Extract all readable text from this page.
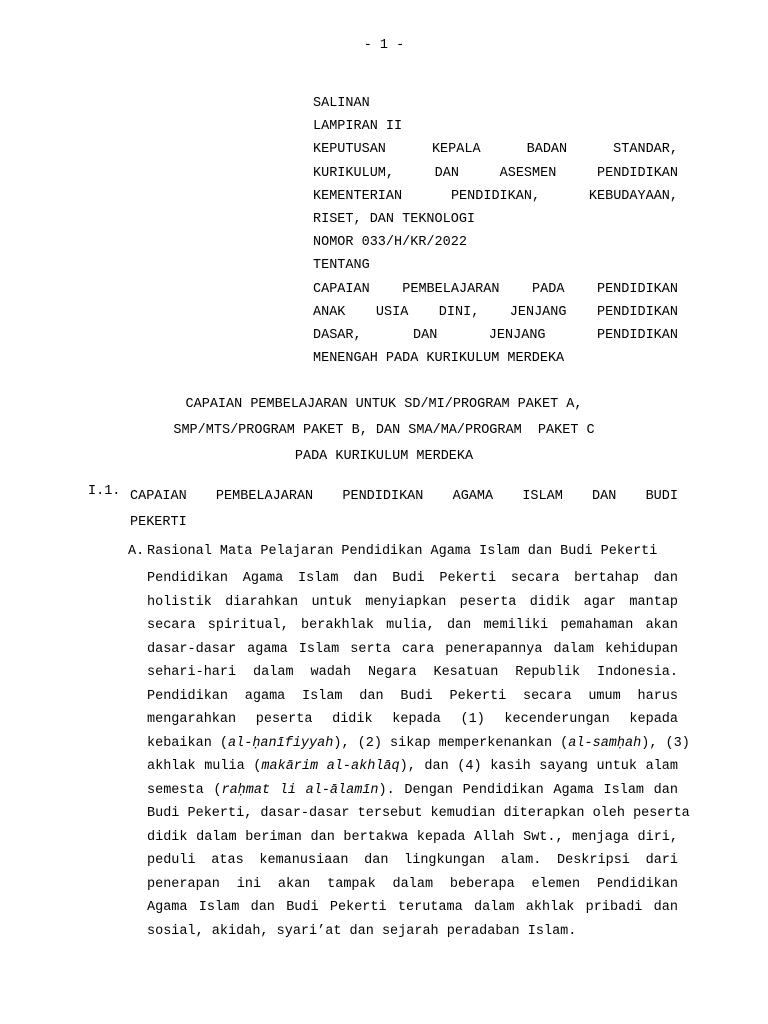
- 1 -
SALINAN
LAMPIRAN II
KEPUTUSAN KEPALA BADAN STANDAR,
KURIKULUM, DAN ASESMEN PENDIDIKAN
KEMENTERIAN PENDIDIKAN, KEBUDAYAAN,
RISET, DAN TEKNOLOGI
NOMOR 033/H/KR/2022
TENTANG
CAPAIAN PEMBELAJARAN PADA PENDIDIKAN
ANAK USIA DINI, JENJANG PENDIDIKAN
DASAR, DAN JENJANG PENDIDIKAN
MENENGAH PADA KURIKULUM MERDEKA
CAPAIAN PEMBELAJARAN UNTUK SD/MI/PROGRAM PAKET A,
SMP/MTS/PROGRAM PAKET B, DAN SMA/MA/PROGRAM  PAKET C
PADA KURIKULUM MERDEKA
I.1. CAPAIAN PEMBELAJARAN PENDIDIKAN AGAMA ISLAM DAN BUDI
PEKERTI
A. Rasional Mata Pelajaran Pendidikan Agama Islam dan Budi Pekerti
Pendidikan Agama Islam dan Budi Pekerti secara bertahap dan
holistik diarahkan untuk menyiapkan peserta didik agar mantap
secara spiritual, berakhlak mulia, dan memiliki pemahaman akan
dasar-dasar agama Islam serta cara penerapannya dalam kehidupan
sehari-hari dalam wadah Negara Kesatuan Republik Indonesia.
Pendidikan agama Islam dan Budi Pekerti secara umum harus
mengarahkan peserta didik kepada (1) kecenderungan kepada
kebaikan (al-ḥanīfiyyah), (2) sikap memperkenankan (al-samḥah), (3)
akhlak mulia (makārim al-akhlāq), dan (4) kasih sayang untuk alam
semesta (raḥmat li al-ālamīn). Dengan Pendidikan Agama Islam dan
Budi Pekerti, dasar-dasar tersebut kemudian diterapkan oleh peserta
didik dalam beriman dan bertakwa kepada Allah Swt., menjaga diri,
peduli atas kemanusiaan dan lingkungan alam. Deskripsi dari
penerapan ini akan tampak dalam beberapa elemen Pendidikan
Agama Islam dan Budi Pekerti terutama dalam akhlak pribadi dan
sosial, akidah, syari’at dan sejarah peradaban Islam.
